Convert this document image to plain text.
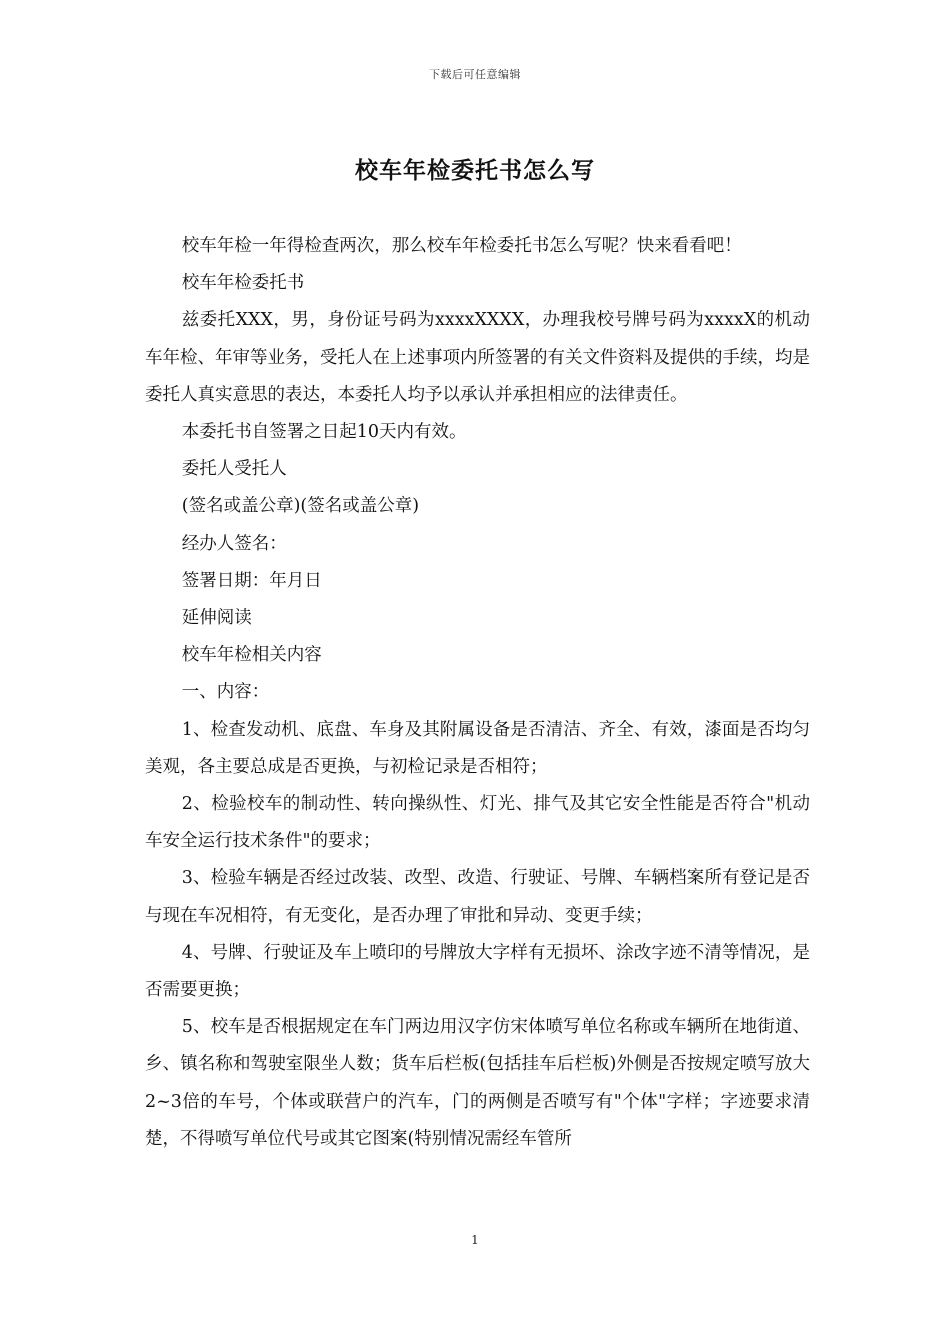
下载后可任意编辑
校车年检委托书怎么写

校车年检一年得检查两次，那么校车年检委托书怎么写呢？快来看看吧！

校车年检委托书

兹委托XXX，男，身份证号码为xxxxXXXX，办理我校号牌号码为xxxxX的机动车年检、年审等业务，受托人在上述事项内所签署的有关文件资料及提供的手续，均是委托人真实意思的表达，本委托人均予以承认并承担相应的法律责任。

本委托书自签署之日起10天内有效。

委托人受托人

(签名或盖公章)(签名或盖公章)

经办人签名：

签署日期：年月日

延伸阅读

校车年检相关内容

一、内容：

1、检查发动机、底盘、车身及其附属设备是否清洁、齐全、有效，漆面是否均匀美观，各主要总成是否更换，与初检记录是否相符；

2、检验校车的制动性、转向操纵性、灯光、排气及其它安全性能是否符合"机动车安全运行技术条件"的要求；

3、检验车辆是否经过改装、改型、改造、行驶证、号牌、车辆档案所有登记是否与现在车况相符，有无变化，是否办理了审批和异动、变更手续；

4、号牌、行驶证及车上喷印的号牌放大字样有无损坏、涂改字迹不清等情况，是否需要更换；

5、校车是否根据规定在车门两边用汉字仿宋体喷写单位名称或车辆所在地街道、乡、镇名称和驾驶室限坐人数；货车后栏板(包括挂车后栏板)外侧是否按规定喷写放大2~3倍的车号，个体或联营户的汽车，门的两侧是否喷写有"个体"字样；字迹要求清楚，不得喷写单位代号或其它图案(特别情况需经车管所

1
